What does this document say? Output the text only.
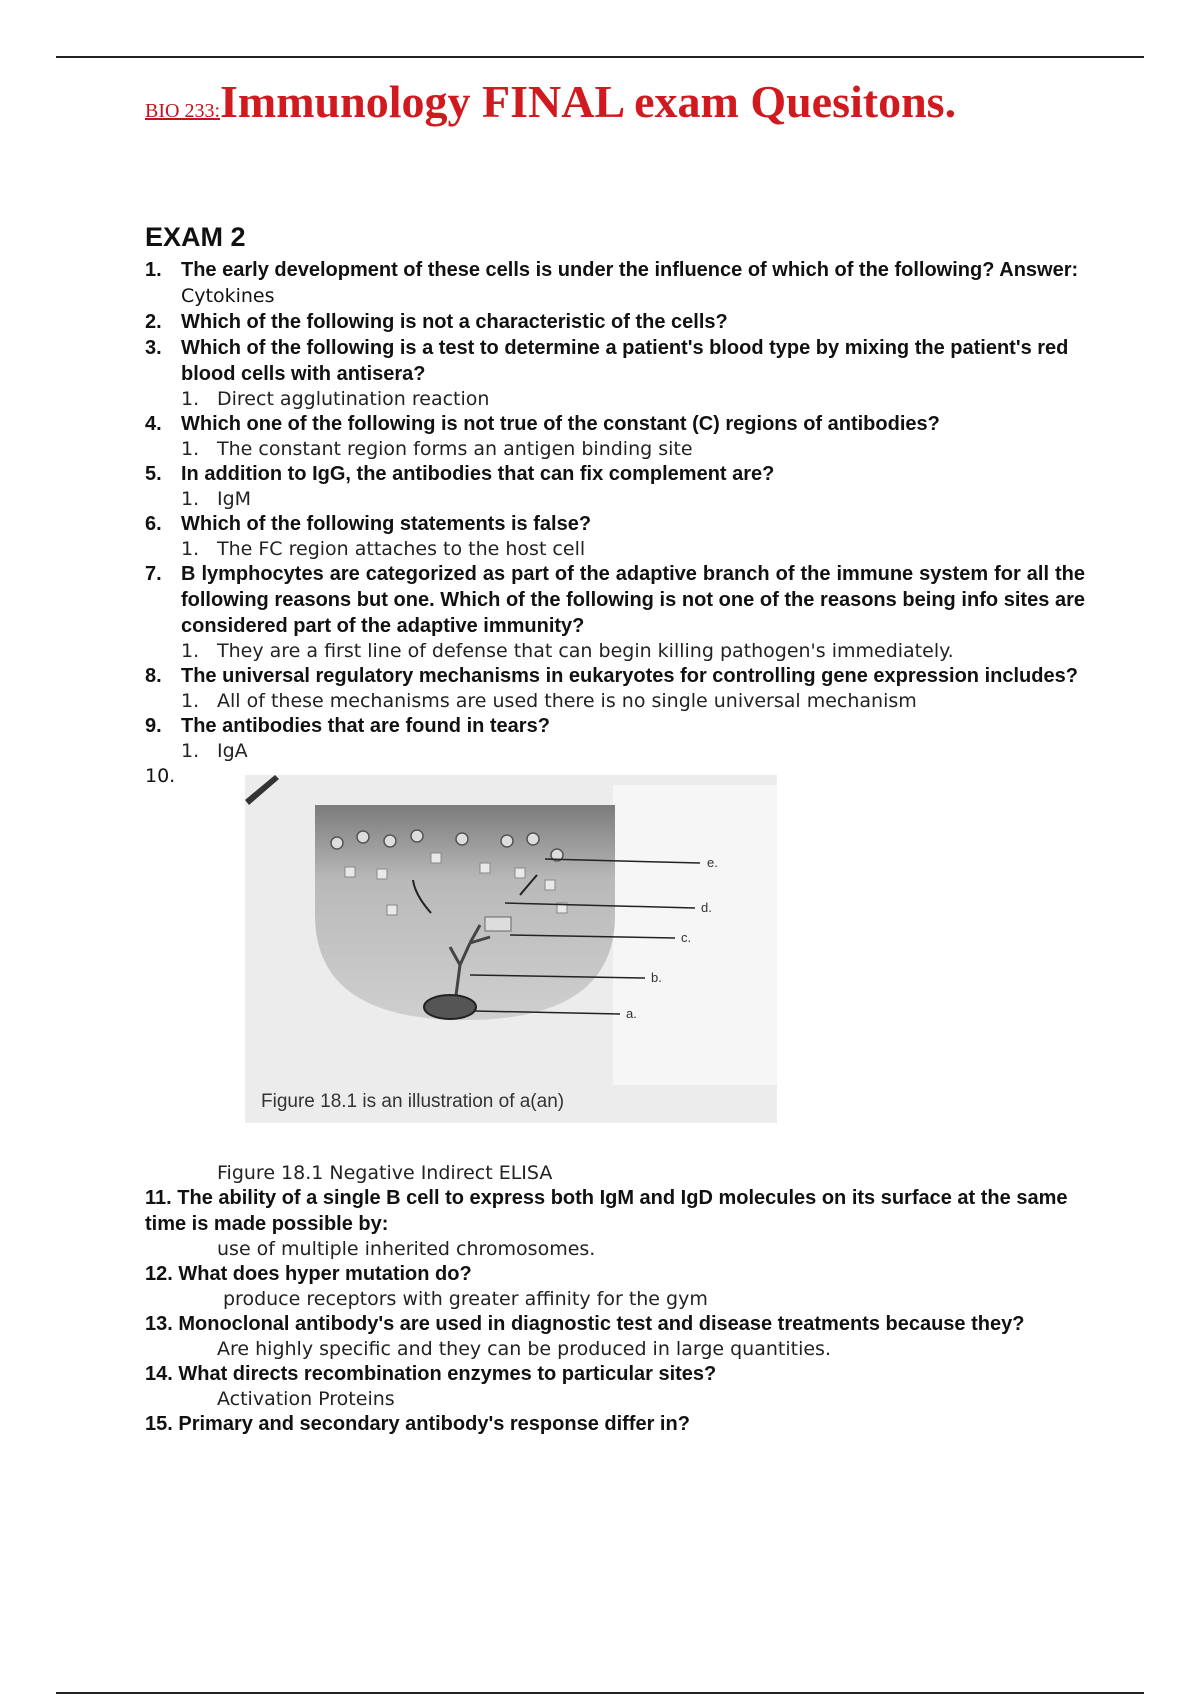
BIO 233:Immunology FINAL exam Quesitons.
EXAM 2
1. The early development of these cells is under the influence of which of the following? Answer: Cytokines
2. Which of the following is not a characteristic of the cells?
3. Which of the following is a test to determine a patient's blood type by mixing the patient's red blood cells with antisera?
1. Direct agglutination reaction
4. Which one of the following is not true of the constant (C) regions of antibodies?
1. The constant region forms an antigen binding site
5. In addition to IgG, the antibodies that can fix complement are?
1. IgM
6. Which of the following statements is false?
1. The FC region attaches to the host cell
7. B lymphocytes are categorized as part of the adaptive branch of the immune system for all the following reasons but one. Which of the following is not one of the reasons being info sites are considered part of the adaptive immunity?
1. They are a first line of defense that can begin killing pathogen's immediately.
8. The universal regulatory mechanisms in eukaryotes for controlling gene expression includes?
1. All of these mechanisms are used there is no single universal mechanism
9. The antibodies that are found in tears?
1. IgA
10.
e.
d.
c.
b.
a.
Figure 18.1 is an illustration of a(an)
Figure 18.1 Negative Indirect ELISA
11. The ability of a single B cell to express both IgM and IgD molecules on its surface at the same time is made possible by:
use of multiple inherited chromosomes.
12. What does hyper mutation do?
produce receptors with greater affinity for the gym
13. Monoclonal antibody's are used in diagnostic test and disease treatments because they?
Are highly specific and they can be produced in large quantities.
14. What directs recombination enzymes to particular sites?
Activation Proteins
15. Primary and secondary antibody's response differ in?
